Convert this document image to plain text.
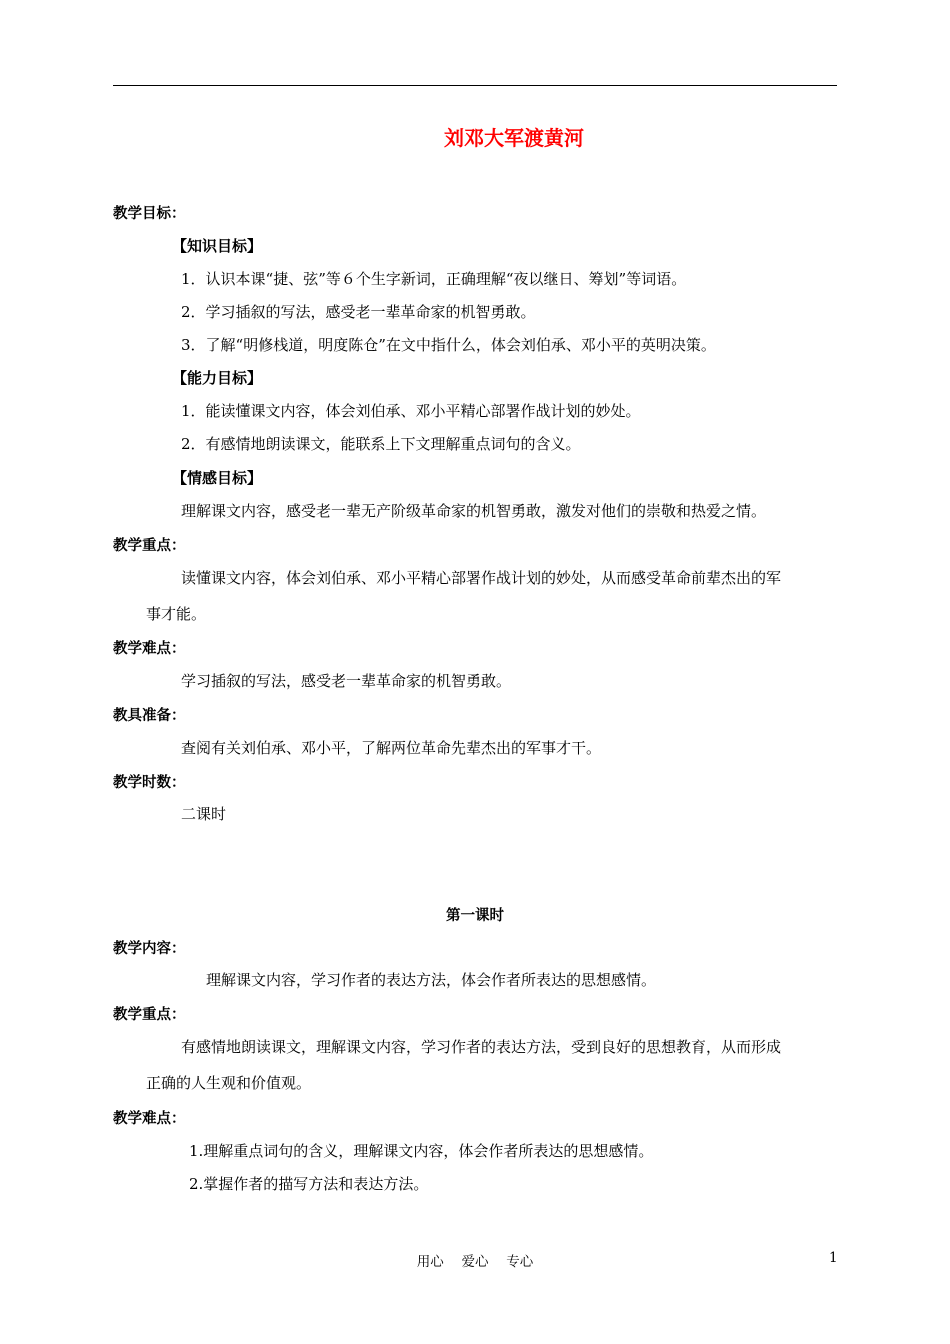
刘邓大军渡黄河
教学目标：
【知识目标】
1．认识本课“捷、弦”等６个生字新词，正确理解“夜以继日、筹划”等词语。
2．学习插叙的写法，感受老一辈革命家的机智勇敢。
3．了解“明修栈道，明度陈仓”在文中指什么，体会刘伯承、邓小平的英明决策。
【能力目标】
1．能读懂课文内容，体会刘伯承、邓小平精心部署作战计划的妙处。
2．有感情地朗读课文，能联系上下文理解重点词句的含义。
【情感目标】
理解课文内容，感受老一辈无产阶级革命家的机智勇敢，激发对他们的崇敬和热爱之情。
教学重点：
读懂课文内容，体会刘伯承、邓小平精心部署作战计划的妙处，从而感受革命前辈杰出的军
事才能。
教学难点：
学习插叙的写法，感受老一辈革命家的机智勇敢。
教具准备：
查阅有关刘伯承、邓小平，了解两位革命先辈杰出的军事才干。
教学时数：
二课时
第一课时
教学内容：
理解课文内容，学习作者的表达方法，体会作者所表达的思想感情。
教学重点：
有感情地朗读课文，理解课文内容，学习作者的表达方法，受到良好的思想教育，从而形成
正确的人生观和价值观。
教学难点：
1.理解重点词句的含义，理解课文内容，体会作者所表达的思想感情。
2.掌握作者的描写方法和表达方法。
用心　 爱心　 专心	1
